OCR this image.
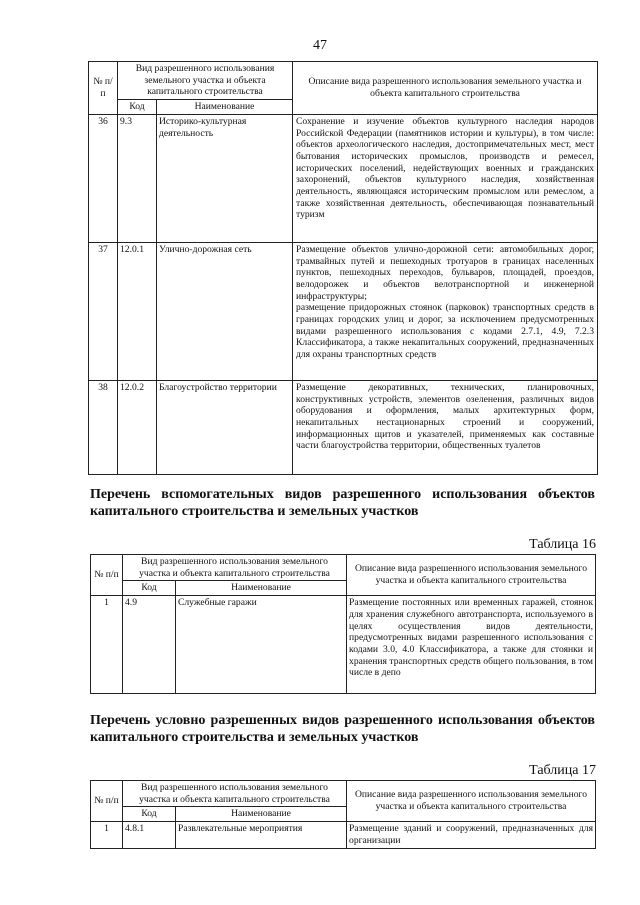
47
№ п/п	Вид разрешенного использования земельного участка и объекта капитального строительства		Описание вида разрешенного использования земельного участка и объекта капитального строительства
	Код	Наименование	
36	9.3	Историко-культурная деятельность	Сохранение и изучение объектов культурного наследия народов Российской Федерации (памятников истории и культуры), в том числе: объектов археологического наследия, достопримечательных мест, мест бытования исторических промыслов, производств и ремесел, исторических поселений, недействующих военных и гражданских захоронений, объектов культурного наследия, хозяйственная деятельность, являющаяся историческим промыслом или ремеслом, а также хозяйственная деятельность, обеспечивающая познавательный туризм
37	12.0.1	Улично-дорожная сеть	Размещение объектов улично-дорожной сети: автомобильных дорог, трамвайных путей и пешеходных тротуаров в границах населенных пунктов, пешеходных переходов, бульваров, площадей, проездов, велодорожек и объектов велотранспортной и инженерной инфраструктуры;
размещение придорожных стоянок (парковок) транспортных средств в границах городских улиц и дорог, за исключением предусмотренных видами разрешенного использования с кодами 2.7.1, 4.9, 7.2.3 Классификатора, а также некапитальных сооружений, предназначенных для охраны транспортных средств

38	12.0.2	Благоустройство территории	Размещение декоративных, технических, планировочных, конструктивных устройств, элементов озеленения, различных видов оборудования и оформления, малых архитектурных форм, некапитальных нестационарных строений и сооружений, информационных щитов и указателей, применяемых как составные части благоустройства территории, общественных туалетов
Перечень вспомогательных видов разрешенного использования объектов капитального строительства и земельных участков
Таблица 16
№ п/п	Вид разрешенного использования земельного участка и объекта капитального строительства		Описание вида разрешенного использования земельного участка и объекта капитального строительства
	Код	Наименование	
1	4.9	Служебные гаражи	Размещение постоянных или временных гаражей, стоянок для хранения служебного автотранспорта, используемого в целях осуществления видов деятельности, предусмотренных видами разрешенного использования с кодами 3.0, 4.0 Классификатора, а также для стоянки и хранения транспортных средств общего пользования, в том числе в депо
Перечень условно разрешенных видов разрешенного использования объектов капитального строительства и земельных участков
Таблица 17
№ п/п	Вид разрешенного использования земельного участка и объекта капитального строительства		Описание вида разрешенного использования земельного участка и объекта капитального строительства
	Код	Наименование	
1	4.8.1	Развлекательные мероприятия	Размещение зданий и сооружений, предназначенных для организации
